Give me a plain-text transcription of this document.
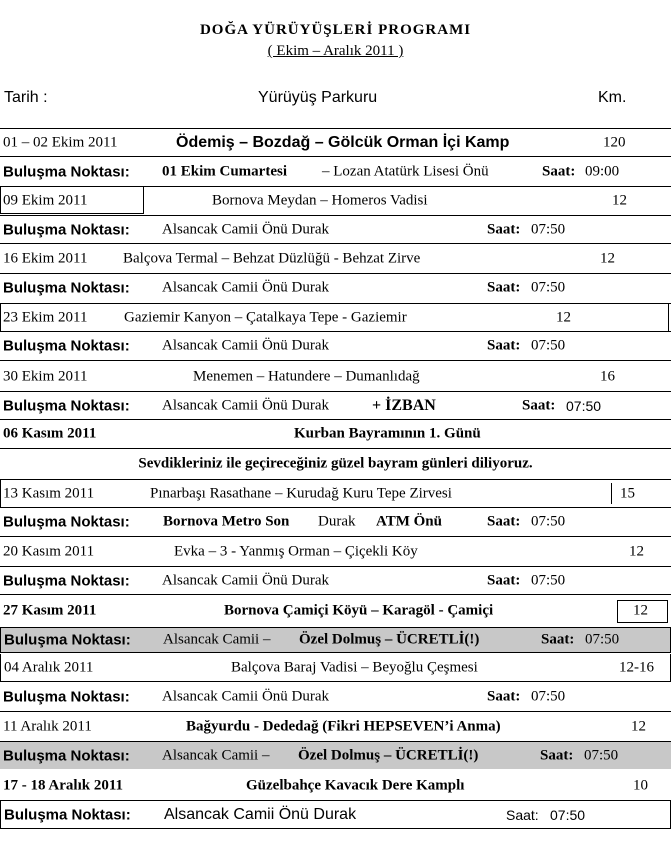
DOĞA YÜRÜYÜŞLERİ PROGRAMI
( Ekim – Aralık 2011 )
Tarih :	Yürüyüş Parkuru	Km.
01 – 02 Ekim 2011	Ödemiş – Bozdağ – Gölcük Orman İçi Kamp	120
Buluşma Noktası: 01 Ekim Cumartesi – Lozan Atatürk Lisesi Önü	Saat: 09:00
09 Ekim 2011	Bornova Meydan – Homeros Vadisi	12
Buluşma Noktası: Alsancak Camii Önü Durak	Saat: 07:50
16 Ekim 2011 Balçova Termal – Behzat Düzlüğü - Behzat Zirve	12
Buluşma Noktası: Alsancak Camii Önü Durak	Saat: 07:50
23 Ekim 2011 Gaziemir Kanyon – Çatalkaya Tepe - Gaziemir	12
Buluşma Noktası: Alsancak Camii Önü Durak	Saat: 07:50
30 Ekim 2011	Menemen – Hatundere – Dumanlıdağ	16
Buluşma Noktası: Alsancak Camii Önü Durak	+ İZBAN	Saat: 07:50
06 Kasım 2011	Kurban Bayramının 1. Günü
Sevdikleriniz ile geçireceğiniz güzel bayram günleri diliyoruz.
13 Kasım 2011	Pınarbaşı Rasathane – Kurudağ Kuru Tepe Zirvesi	15
Buluşma Noktası: Bornova Metro Son Durak ATM Önü	Saat: 07:50
20 Kasım 2011	Evka – 3 - Yanmış Orman – Çiçekli Köy	12
Buluşma Noktası: Alsancak Camii Önü Durak	Saat: 07:50
27 Kasım 2011	Bornova Çamiçi Köyü – Karagöl - Çamiçi	12
Buluşma Noktası: Alsancak Camii – Özel Dolmuş – ÜCRETLİ(!)	Saat: 07:50
04 Aralık 2011	Balçova Baraj Vadisi – Beyoğlu Çeşmesi	12-16
Buluşma Noktası: Alsancak Camii Önü Durak	Saat: 07:50
11 Aralık 2011	Bağyurdu - Dededağ (Fikri HEPSEVEN’i Anma)	12
Buluşma Noktası: Alsancak Camii – Özel Dolmuş – ÜCRETLİ(!)	Saat: 07:50
17 - 18 Aralık 2011	Güzelbahçe Kavacık Dere Kamplı	10
Buluşma Noktası: Alsancak Camii Önü Durak	Saat: 07:50
